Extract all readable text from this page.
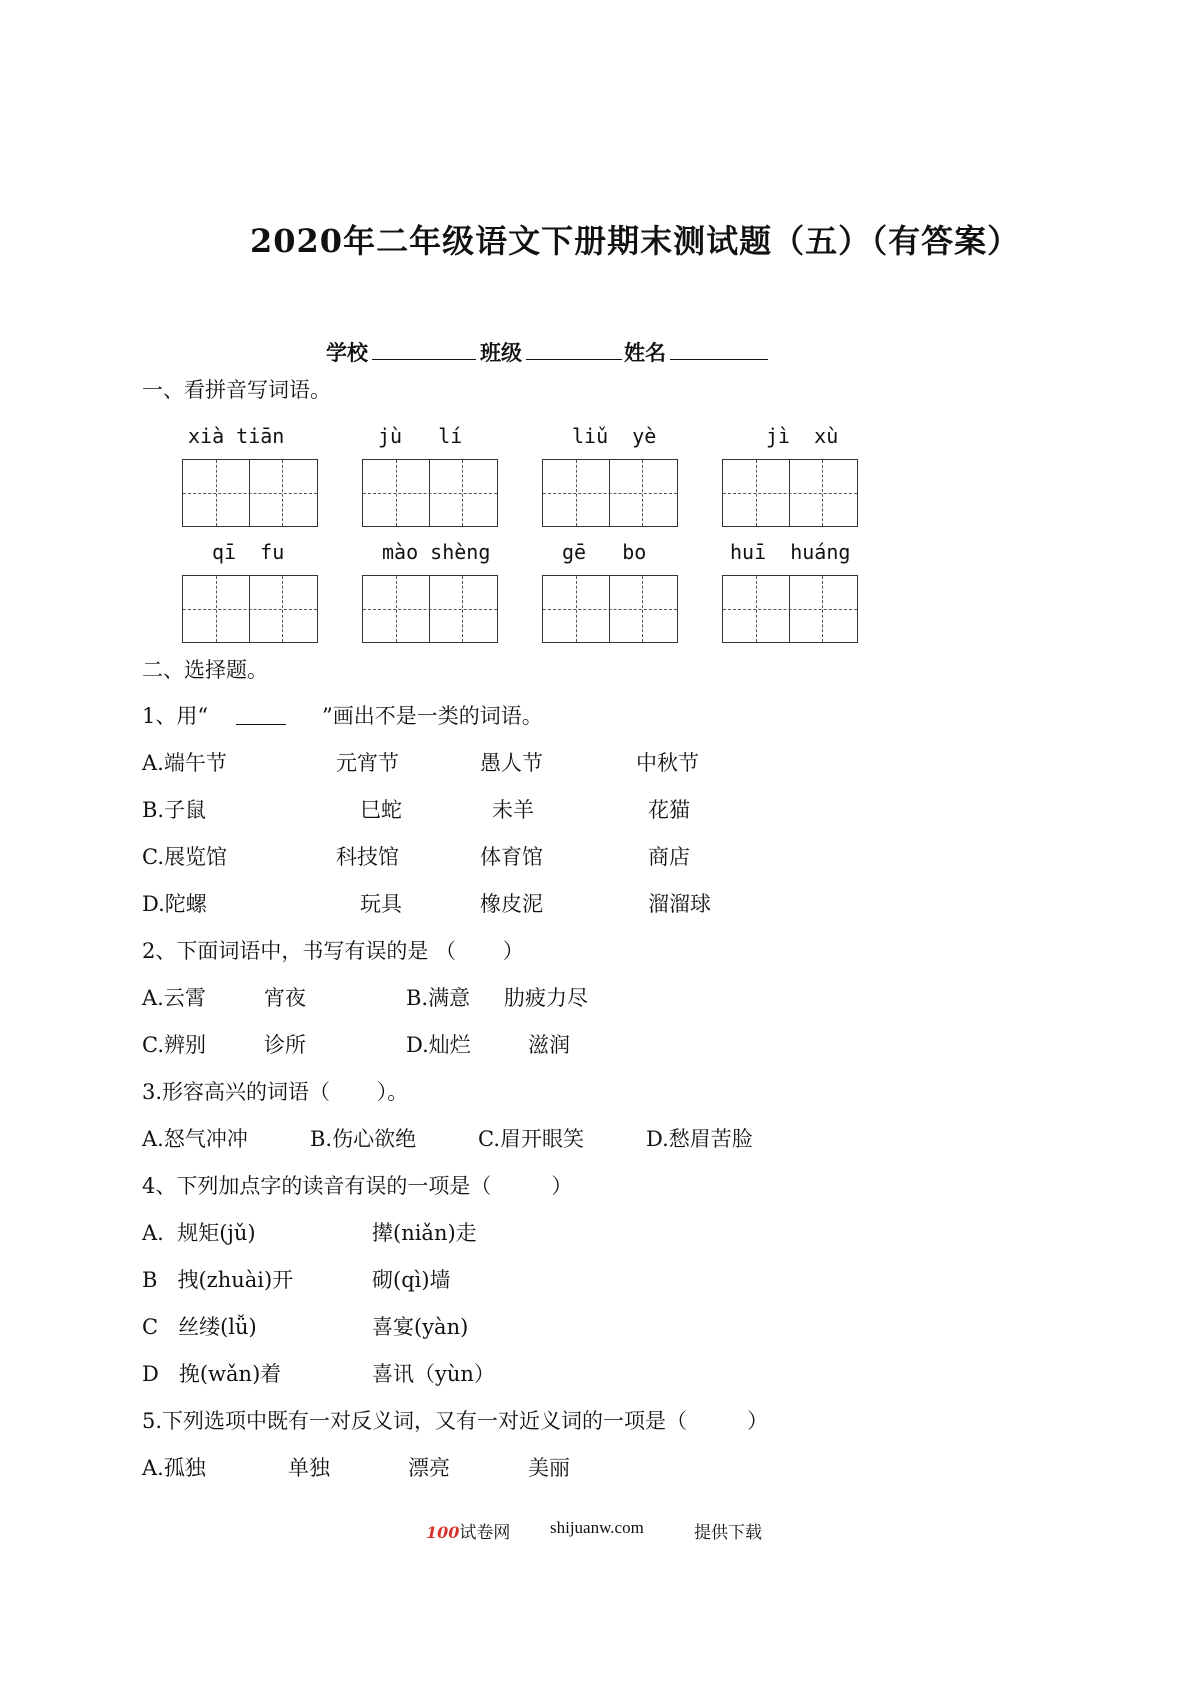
2020年二年级语文下册期末测试题（五）（有答案）
学校	班级	姓名
一、看拼音写词语。
xià tiān	jù   lí	liǔ  yè	jì  xù
qī  fu	mào shèng	gē   bo	huī  huáng
二、选择题。
1、用“	”画出不是一类的词语。
A.端午节	元宵节	愚人节	中秋节
B.子鼠	巳蛇	未羊	花猫
C.展览馆	科技馆	体育馆	商店
D.陀螺	玩具	橡皮泥	溜溜球
2、下面词语中，书写有误的是 （       ）
A.云霄	宵夜	B.满意 肋疲力尽
C.辨别	诊所	D.灿烂	滋润
3.形容高兴的词语（       ）。
A.怒气冲冲	B.伤心欲绝	C.眉开眼笑	D.愁眉苦脸
4、下列加点字的读音有误的一项是（         ）
A.  规矩(jǔ)	撵(niǎn)走
B   拽(zhuài)开	砌(qì)墙
C   丝缕(lǚ)	喜宴(yàn)
D   挽(wǎn)着	喜讯（yùn）
5.下列选项中既有一对反义词，又有一对近义词的一项是（         ）
A.孤独	单独	漂亮	美丽
100试卷网 shijuanw.com	提供下载
